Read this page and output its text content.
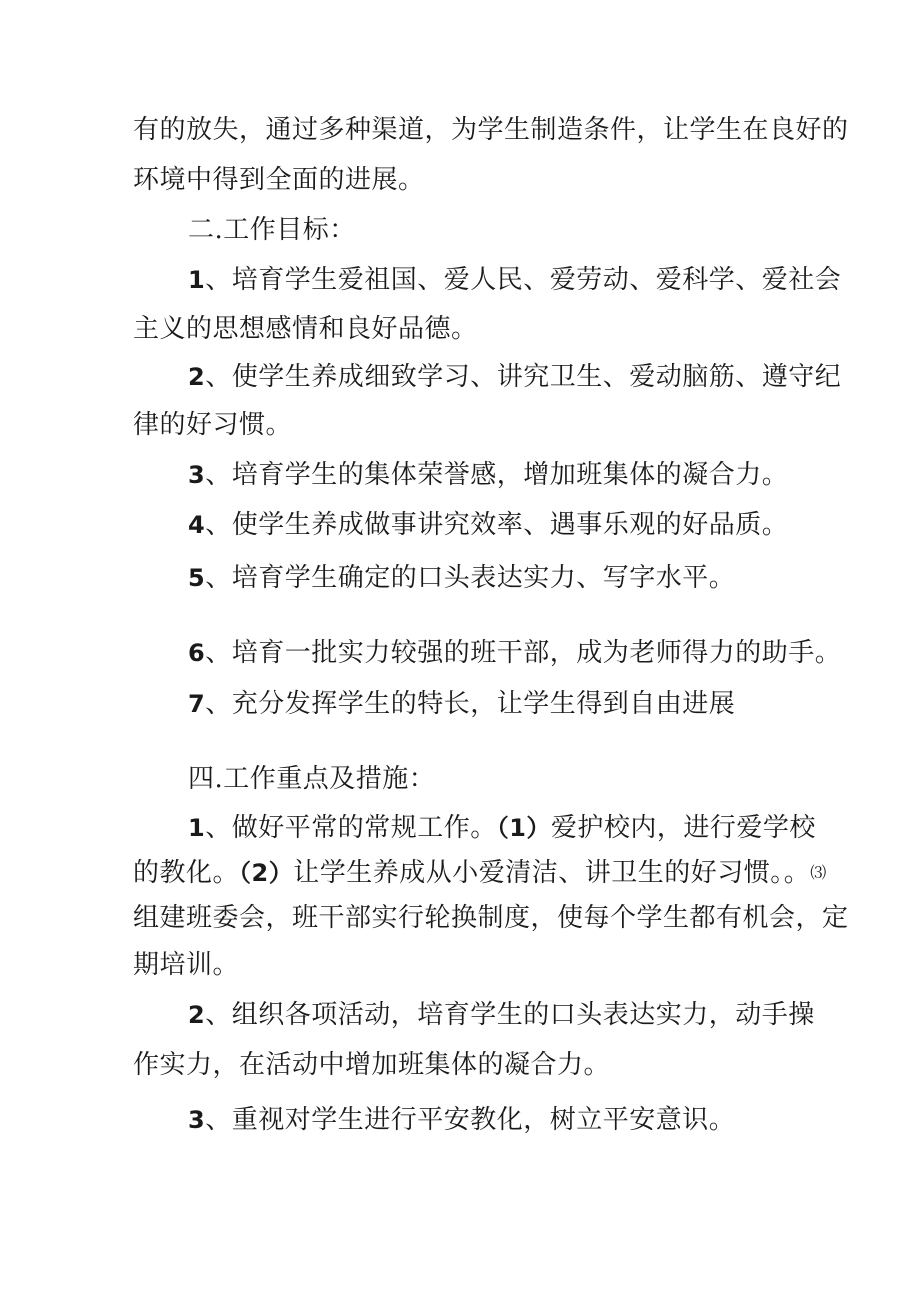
有的放失，通过多种渠道，为学生制造条件，让学生在良好的
环境中得到全面的进展。
二.工作目标：
1、培育学生爱祖国、爱人民、爱劳动、爱科学、爱社会
主义的思想感情和良好品德。
2、使学生养成细致学习、讲究卫生、爱动脑筋、遵守纪
律的好习惯。
3、培育学生的集体荣誉感，增加班集体的凝合力。
4、使学生养成做事讲究效率、遇事乐观的好品质。
5、培育学生确定的口头表达实力、写字水平。
6、培育一批实力较强的班干部，成为老师得力的助手。
7、充分发挥学生的特长，让学生得到自由进展
四.工作重点及措施：
1、做好平常的常规工作。（1）爱护校内，进行爱学校
的教化。（2）让学生养成从小爱清洁、讲卫生的好习惯。。⑶
组建班委会，班干部实行轮换制度，使每个学生都有机会，定
期培训。
2、组织各项活动，培育学生的口头表达实力，动手操
作实力，在活动中增加班集体的凝合力。
3、重视对学生进行平安教化，树立平安意识。
